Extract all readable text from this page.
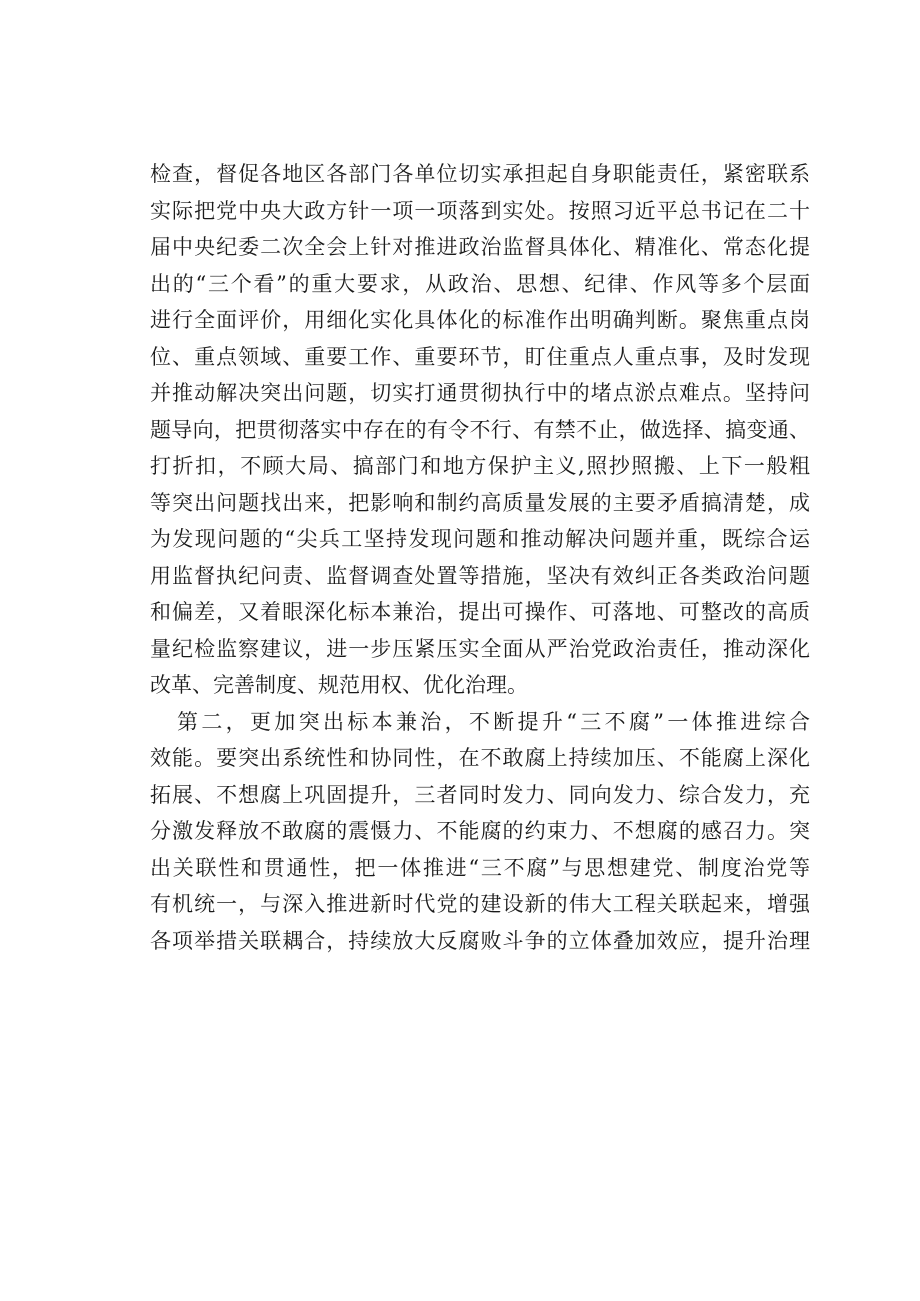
检查，督促各地区各部门各单位切实承担起自身职能责任，紧密联系
实际把党中央大政方针一项一项落到实处。按照习近平总书记在二十
届中央纪委二次全会上针对推进政治监督具体化、精准化、常态化提
出的“三个看”的重大要求，从政治、思想、纪律、作风等多个层面
进行全面评价，用细化实化具体化的标准作出明确判断。聚焦重点岗
位、重点领域、重要工作、重要环节，盯住重点人重点事，及时发现
并推动解决突出问题，切实打通贯彻执行中的堵点淤点难点。坚持问
题导向，把贯彻落实中存在的有令不行、有禁不止，做选择、搞变通、
打折扣，不顾大局、搞部门和地方保护主义,照抄照搬、上下一般粗
等突出问题找出来，把影响和制约高质量发展的主要矛盾搞清楚，成
为发现问题的“尖兵工坚持发现问题和推动解决问题并重，既综合运
用监督执纪问责、监督调查处置等措施，坚决有效纠正各类政治问题
和偏差，又着眼深化标本兼治，提出可操作、可落地、可整改的高质
量纪检监察建议，进一步压紧压实全面从严治党政治责任，推动深化
改革、完善制度、规范用权、优化治理。
第二，更加突出标本兼治，不断提升“三不腐”一体推进综合
效能。要突出系统性和协同性，在不敢腐上持续加压、不能腐上深化
拓展、不想腐上巩固提升，三者同时发力、同向发力、综合发力，充
分激发释放不敢腐的震慑力、不能腐的约束力、不想腐的感召力。突
出关联性和贯通性，把一体推进“三不腐”与思想建党、制度治党等
有机统一，与深入推进新时代党的建设新的伟大工程关联起来，增强
各项举措关联耦合，持续放大反腐败斗争的立体叠加效应，提升治理
